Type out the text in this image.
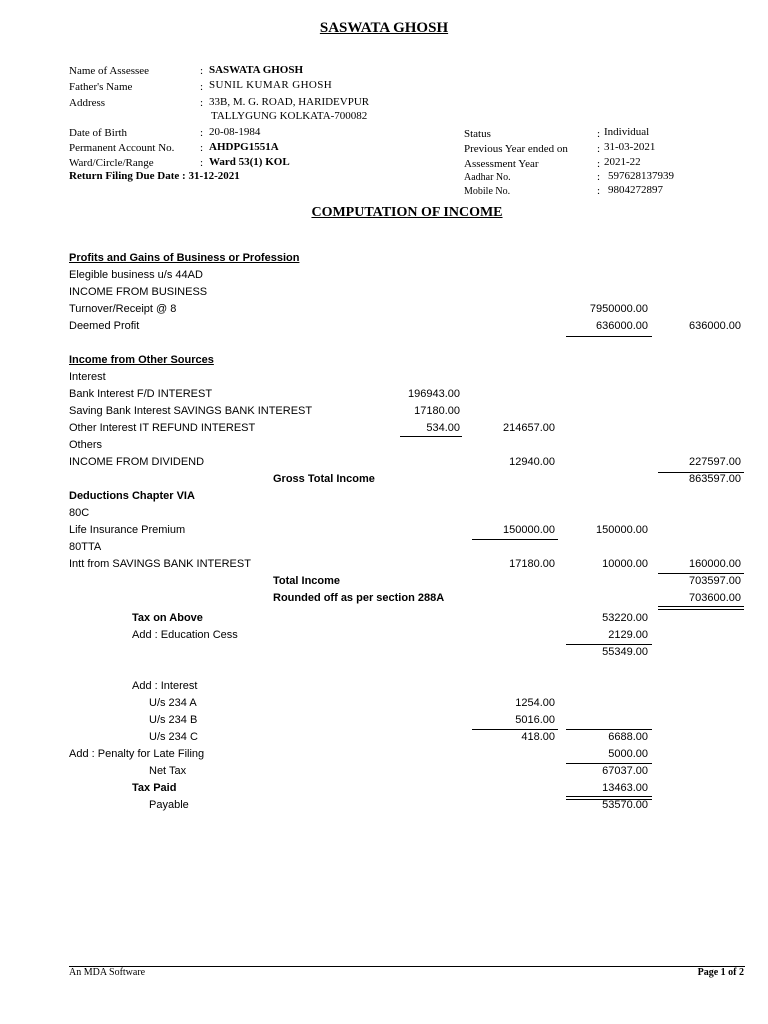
SASWATA GHOSH
Name of Assessee	: SASWATA GHOSH
Father's Name	: SUNIL KUMAR GHOSH
Address	: 33B, M. G. ROAD, HARIDEVPUR
TALLYGUNG KOLKATA-700082
Date of Birth	: 20-08-1984
Permanent Account No. : AHDPG1551A
Ward/Circle/Range	: Ward 53(1) KOL
Return Filing Due Date : 31-12-2021
Status	: Individual
Previous Year ended on	: 31-03-2021
Assessment Year	: 2021-22
Aadhar No.	: 597628137939
Mobile No.	: 9804272897
COMPUTATION OF INCOME
Profits and Gains of Business or Profession
Elegible business u/s 44AD
INCOME FROM BUSINESS
Turnover/Receipt @ 8	7950000.00
Deemed Profit	636000.00	636000.00
Income from Other Sources
Interest
Bank Interest F/D INTEREST	196943.00
Saving Bank Interest SAVINGS BANK INTEREST	17180.00
Other Interest IT REFUND INTEREST	534.00	214657.00
Others
INCOME FROM DIVIDEND	12940.00	227597.00
Gross Total Income	863597.00
Deductions Chapter VIA
80C
Life Insurance Premium	150000.00	150000.00
80TTA
Intt from SAVINGS BANK INTEREST	17180.00	10000.00	160000.00
Total Income	703597.00
Rounded off as per section 288A	703600.00
Tax on Above	53220.00
Add : Education Cess	2129.00
55349.00
Add : Interest
U/s 234 A	1254.00
U/s 234 B	5016.00
U/s 234 C	418.00	6688.00
Add : Penalty for Late Filing	5000.00
Net Tax	67037.00
Tax Paid	13463.00
Payable	53570.00
An MDA Software	Page 1 of 2
